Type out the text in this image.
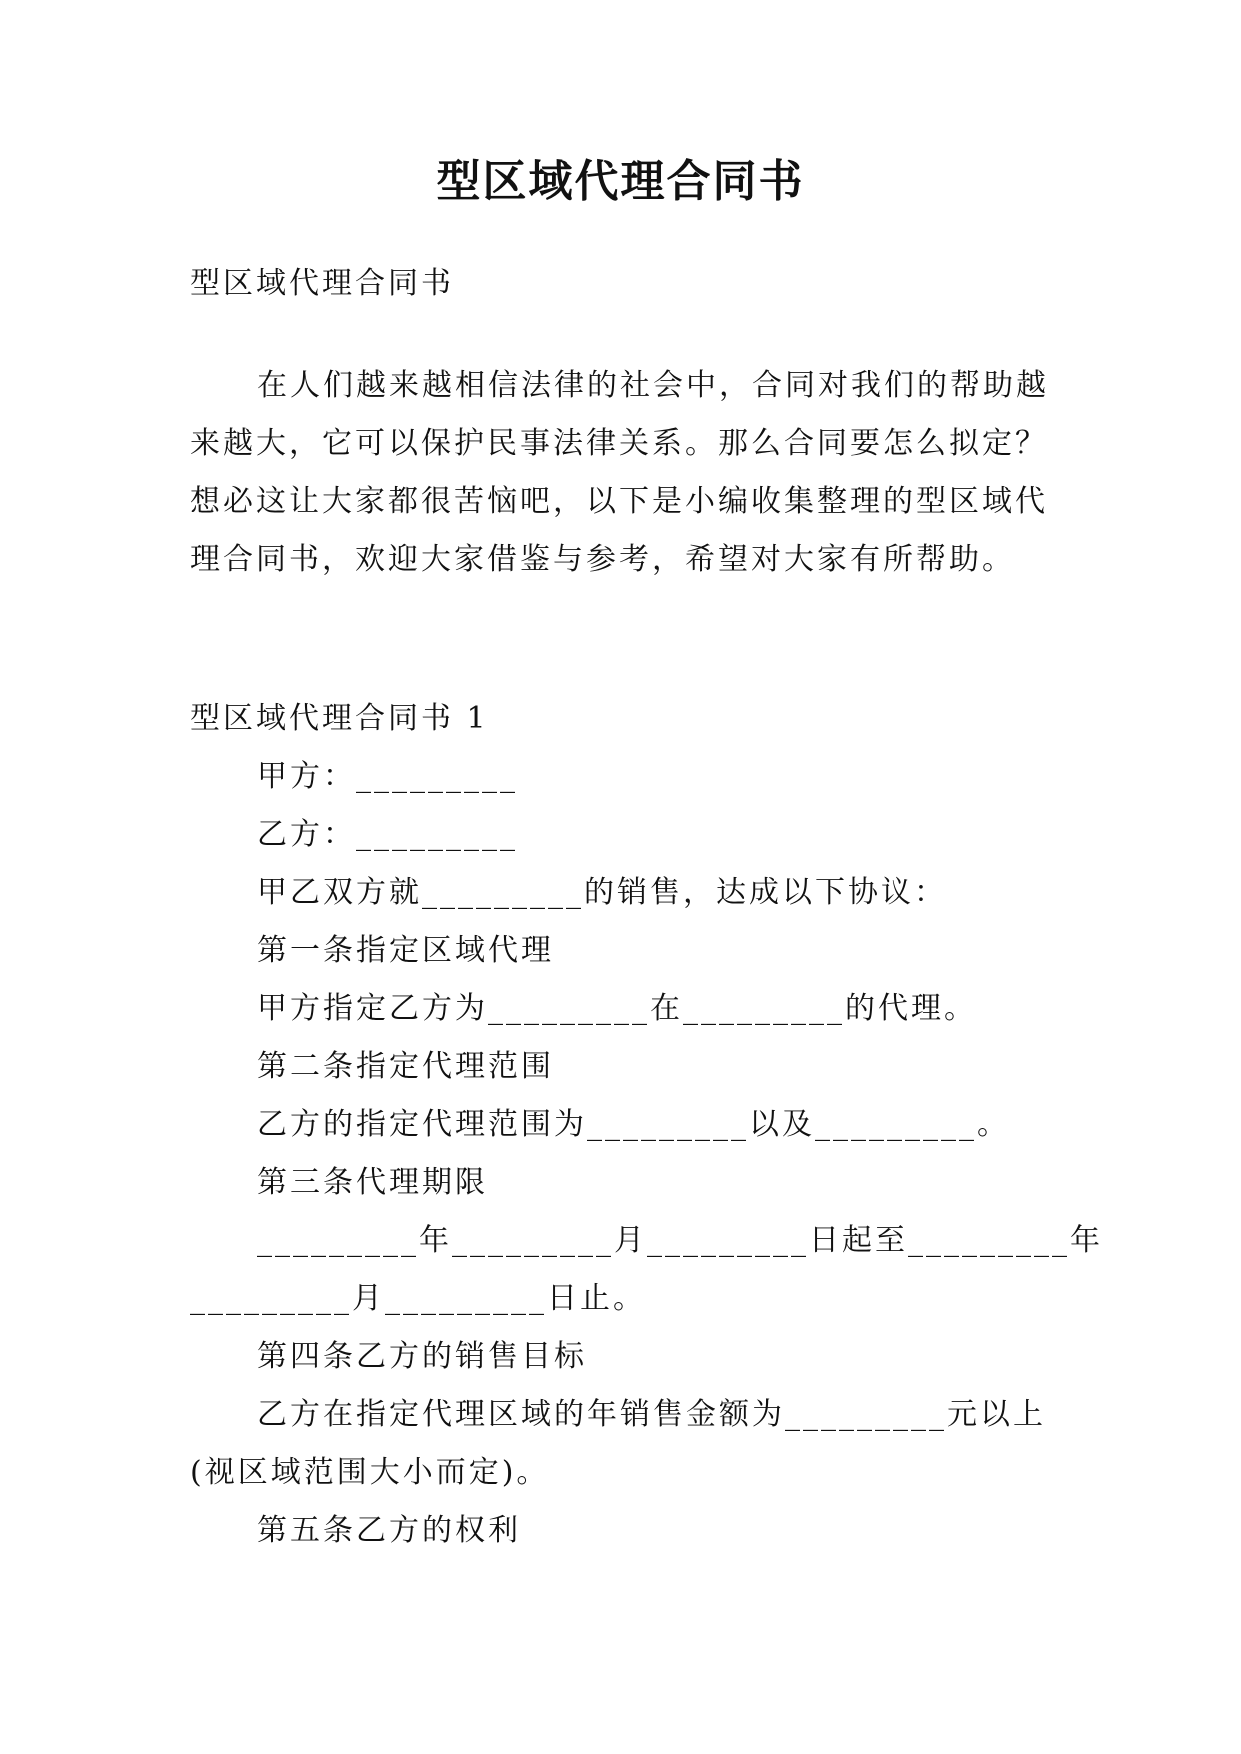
型区域代理合同书
型区域代理合同书
在人们越来越相信法律的社会中，合同对我们的帮助越
来越大，它可以保护民事法律关系。那么合同要怎么拟定？
想必这让大家都很苦恼吧，以下是小编收集整理的型区域代
理合同书，欢迎大家借鉴与参考，希望对大家有所帮助。
型区域代理合同书 1
甲方：_________
乙方：_________
甲乙双方就_________的销售，达成以下协议：
第一条指定区域代理
甲方指定乙方为_________在_________的代理。
第二条指定代理范围
乙方的指定代理范围为_________以及_________。
第三条代理期限
_________年_________月_________日起至_________年
_________月_________日止。
第四条乙方的销售目标
乙方在指定代理区域的年销售金额为_________元以上
(视区域范围大小而定)。
第五条乙方的权利
